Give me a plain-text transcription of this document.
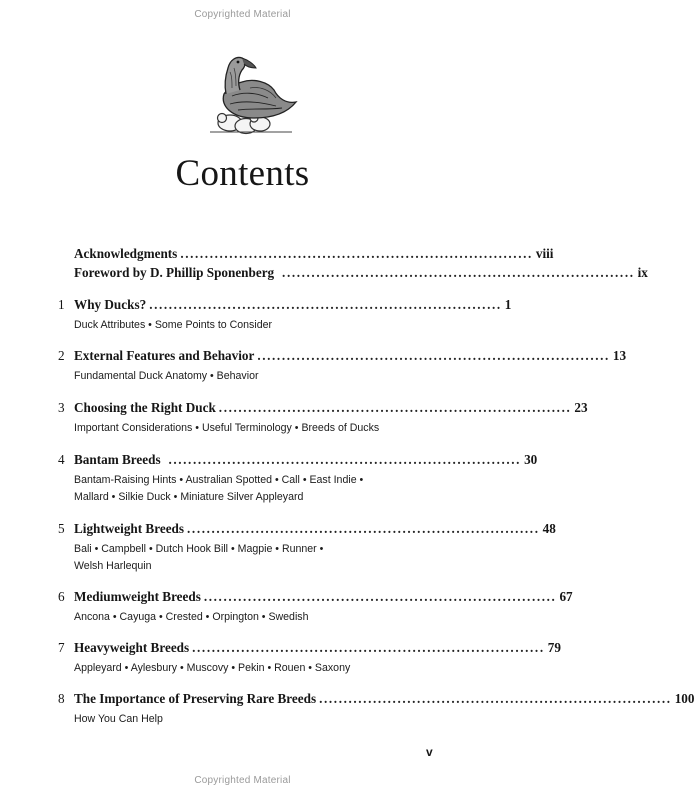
Copyrighted Material
Contents
Acknowledgments ........................................................................ viii
Foreword by D. Phillip Sponenberg ........................................................................ ix
1 Why Ducks? ........................................................................ 1
Duck Attributes • Some Points to Consider
2 External Features and Behavior ........................................................................ 13
Fundamental Duck Anatomy • Behavior
3 Choosing the Right Duck ........................................................................ 23
Important Considerations • Useful Terminology • Breeds of Ducks
4 Bantam Breeds ........................................................................ 30
Bantam-Raising Hints • Australian Spotted • Call • East Indie •
Mallard • Silkie Duck • Miniature Silver Appleyard
5 Lightweight Breeds ........................................................................ 48
Bali • Campbell • Dutch Hook Bill • Magpie • Runner •
Welsh Harlequin
6 Mediumweight Breeds ........................................................................ 67
Ancona • Cayuga • Crested • Orpington • Swedish
7 Heavyweight Breeds ........................................................................ 79
Appleyard • Aylesbury • Muscovy • Pekin • Rouen • Saxony
8 The Importance of Preserving Rare Breeds ........................................................................ 100
How You Can Help
v
Copyrighted Material
